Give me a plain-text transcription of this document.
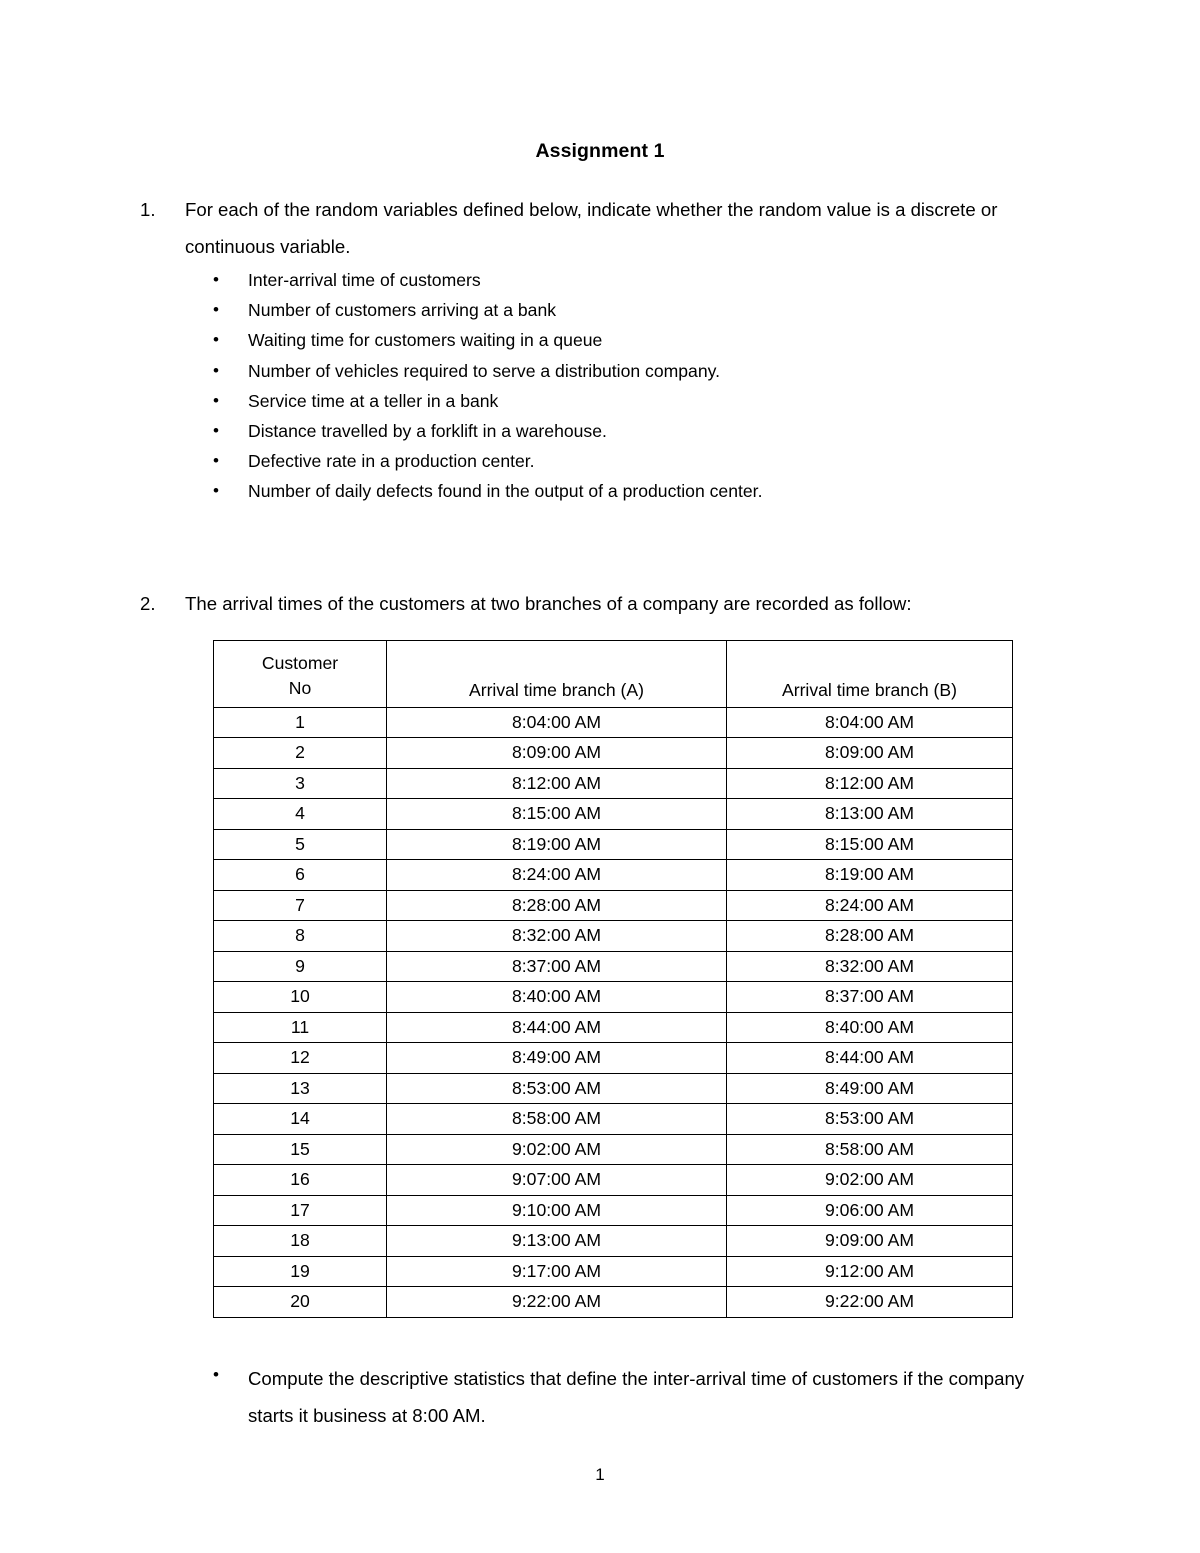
Assignment 1
1. For each of the random variables defined below, indicate whether the random value is a discrete or continuous variable.
• Inter-arrival time of customers
• Number of customers arriving at a bank
• Waiting time for customers waiting in a queue
• Number of vehicles required to serve a distribution company.
• Service time at a teller in a bank
• Distance travelled by a forklift in a warehouse.
• Defective rate in a production center.
• Number of daily defects found in the output of a production center.
2. The arrival times of the customers at two branches of a company are recorded as follow:
Customer
No	Arrival time branch (A)	Arrival time branch (B)
1	8:04:00 AM	8:04:00 AM
2	8:09:00 AM	8:09:00 AM
3	8:12:00 AM	8:12:00 AM
4	8:15:00 AM	8:13:00 AM
5	8:19:00 AM	8:15:00 AM
6	8:24:00 AM	8:19:00 AM
7	8:28:00 AM	8:24:00 AM
8	8:32:00 AM	8:28:00 AM
9	8:37:00 AM	8:32:00 AM
10	8:40:00 AM	8:37:00 AM
11	8:44:00 AM	8:40:00 AM
12	8:49:00 AM	8:44:00 AM
13	8:53:00 AM	8:49:00 AM
14	8:58:00 AM	8:53:00 AM
15	9:02:00 AM	8:58:00 AM
16	9:07:00 AM	9:02:00 AM
17	9:10:00 AM	9:06:00 AM
18	9:13:00 AM	9:09:00 AM
19	9:17:00 AM	9:12:00 AM
20	9:22:00 AM	9:22:00 AM
• Compute the descriptive statistics that define the inter-arrival time of customers if the company starts it business at 8:00 AM.
1
